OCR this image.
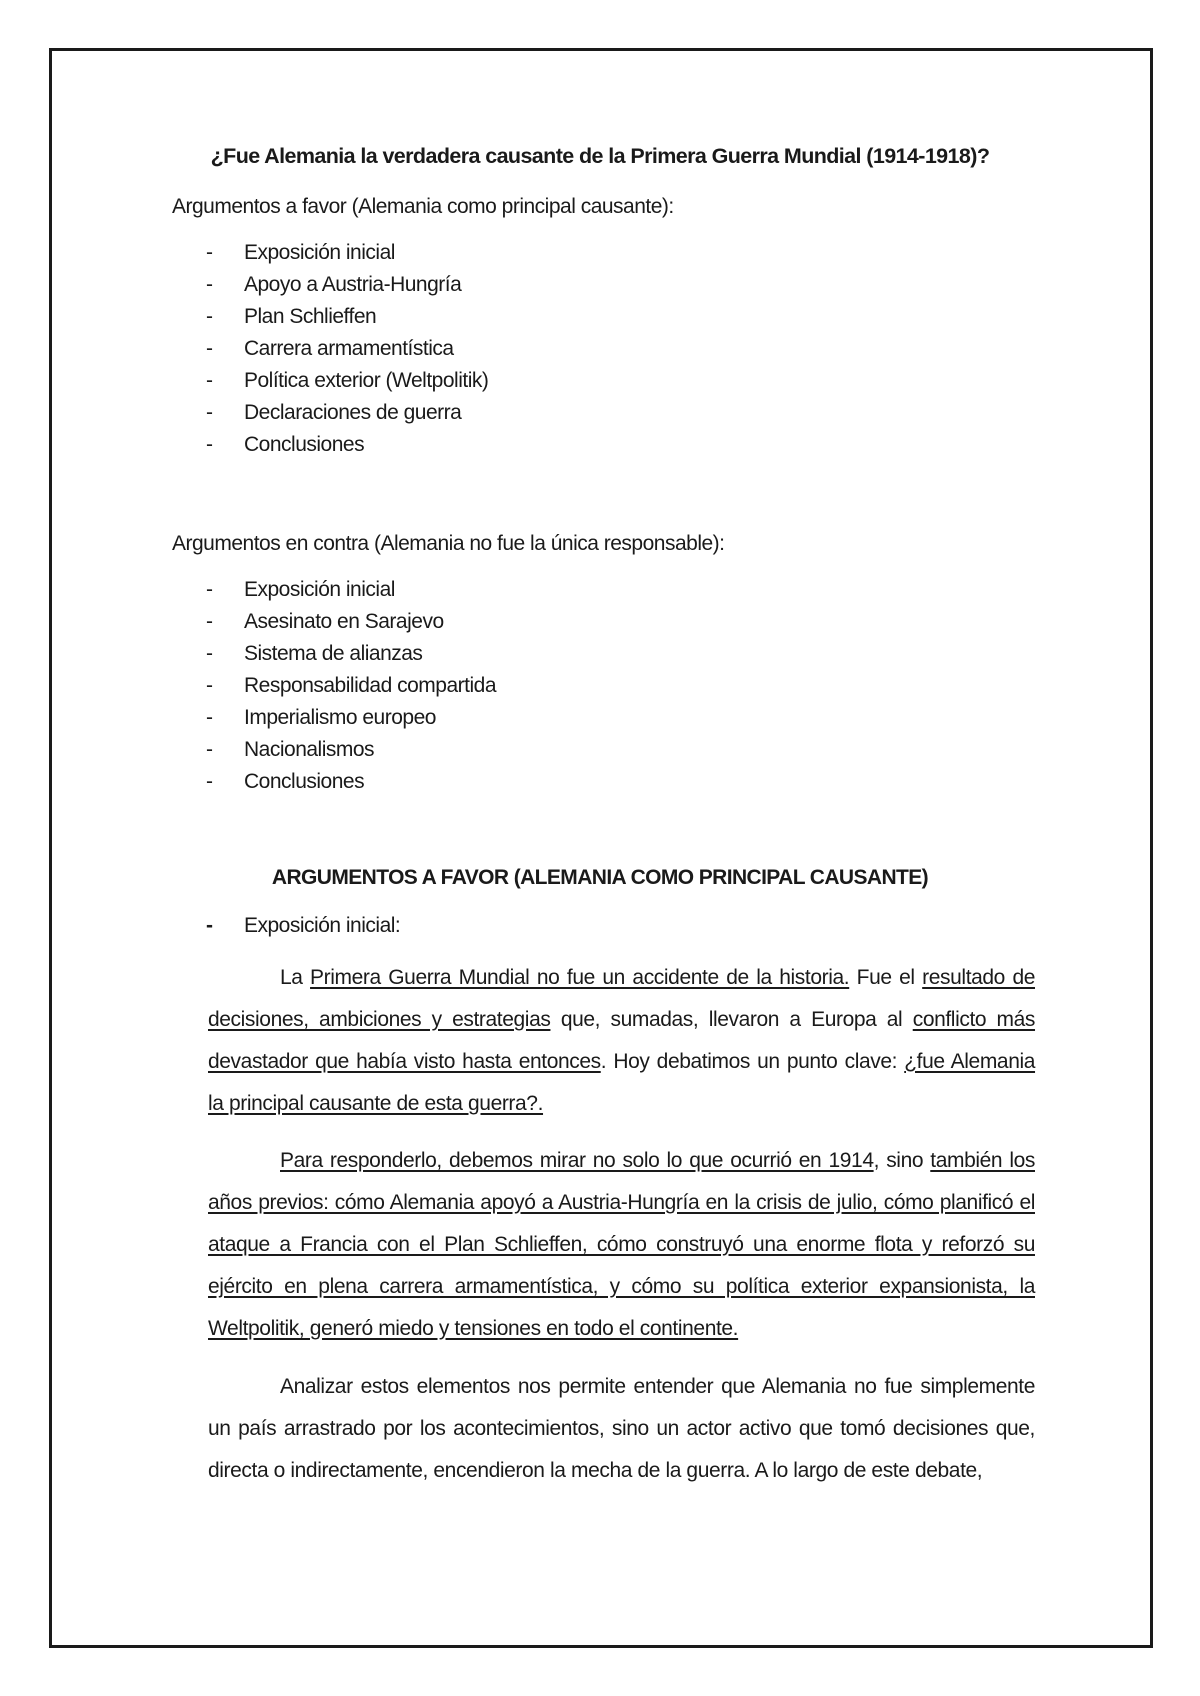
¿Fue Alemania la verdadera causante de la Primera Guerra Mundial (1914-1918)?
Argumentos a favor (Alemania como principal causante):
- Exposición inicial
- Apoyo a Austria-Hungría
- Plan Schlieffen
- Carrera armamentística
- Política exterior (Weltpolitik)
- Declaraciones de guerra
- Conclusiones
Argumentos en contra (Alemania no fue la única responsable):
- Exposición inicial
- Asesinato en Sarajevo
- Sistema de alianzas
- Responsabilidad compartida
- Imperialismo europeo
- Nacionalismos
- Conclusiones
ARGUMENTOS A FAVOR (ALEMANIA COMO PRINCIPAL CAUSANTE)
- Exposición inicial:

La Primera Guerra Mundial no fue un accidente de la historia. Fue el resultado de decisiones, ambiciones y estrategias que, sumadas, llevaron a Europa al conflicto más devastador que había visto hasta entonces. Hoy debatimos un punto clave: ¿fue Alemania la principal causante de esta guerra?.

Para responderlo, debemos mirar no solo lo que ocurrió en 1914, sino también los años previos: cómo Alemania apoyó a Austria-Hungría en la crisis de julio, cómo planificó el ataque a Francia con el Plan Schlieffen, cómo construyó una enorme flota y reforzó su ejército en plena carrera armamentística, y cómo su política exterior expansionista, la Weltpolitik, generó miedo y tensiones en todo el continente.

Analizar estos elementos nos permite entender que Alemania no fue simplemente un país arrastrado por los acontecimientos, sino un actor activo que tomó decisiones que, directa o indirectamente, encendieron la mecha de la guerra. A lo largo de este debate,
